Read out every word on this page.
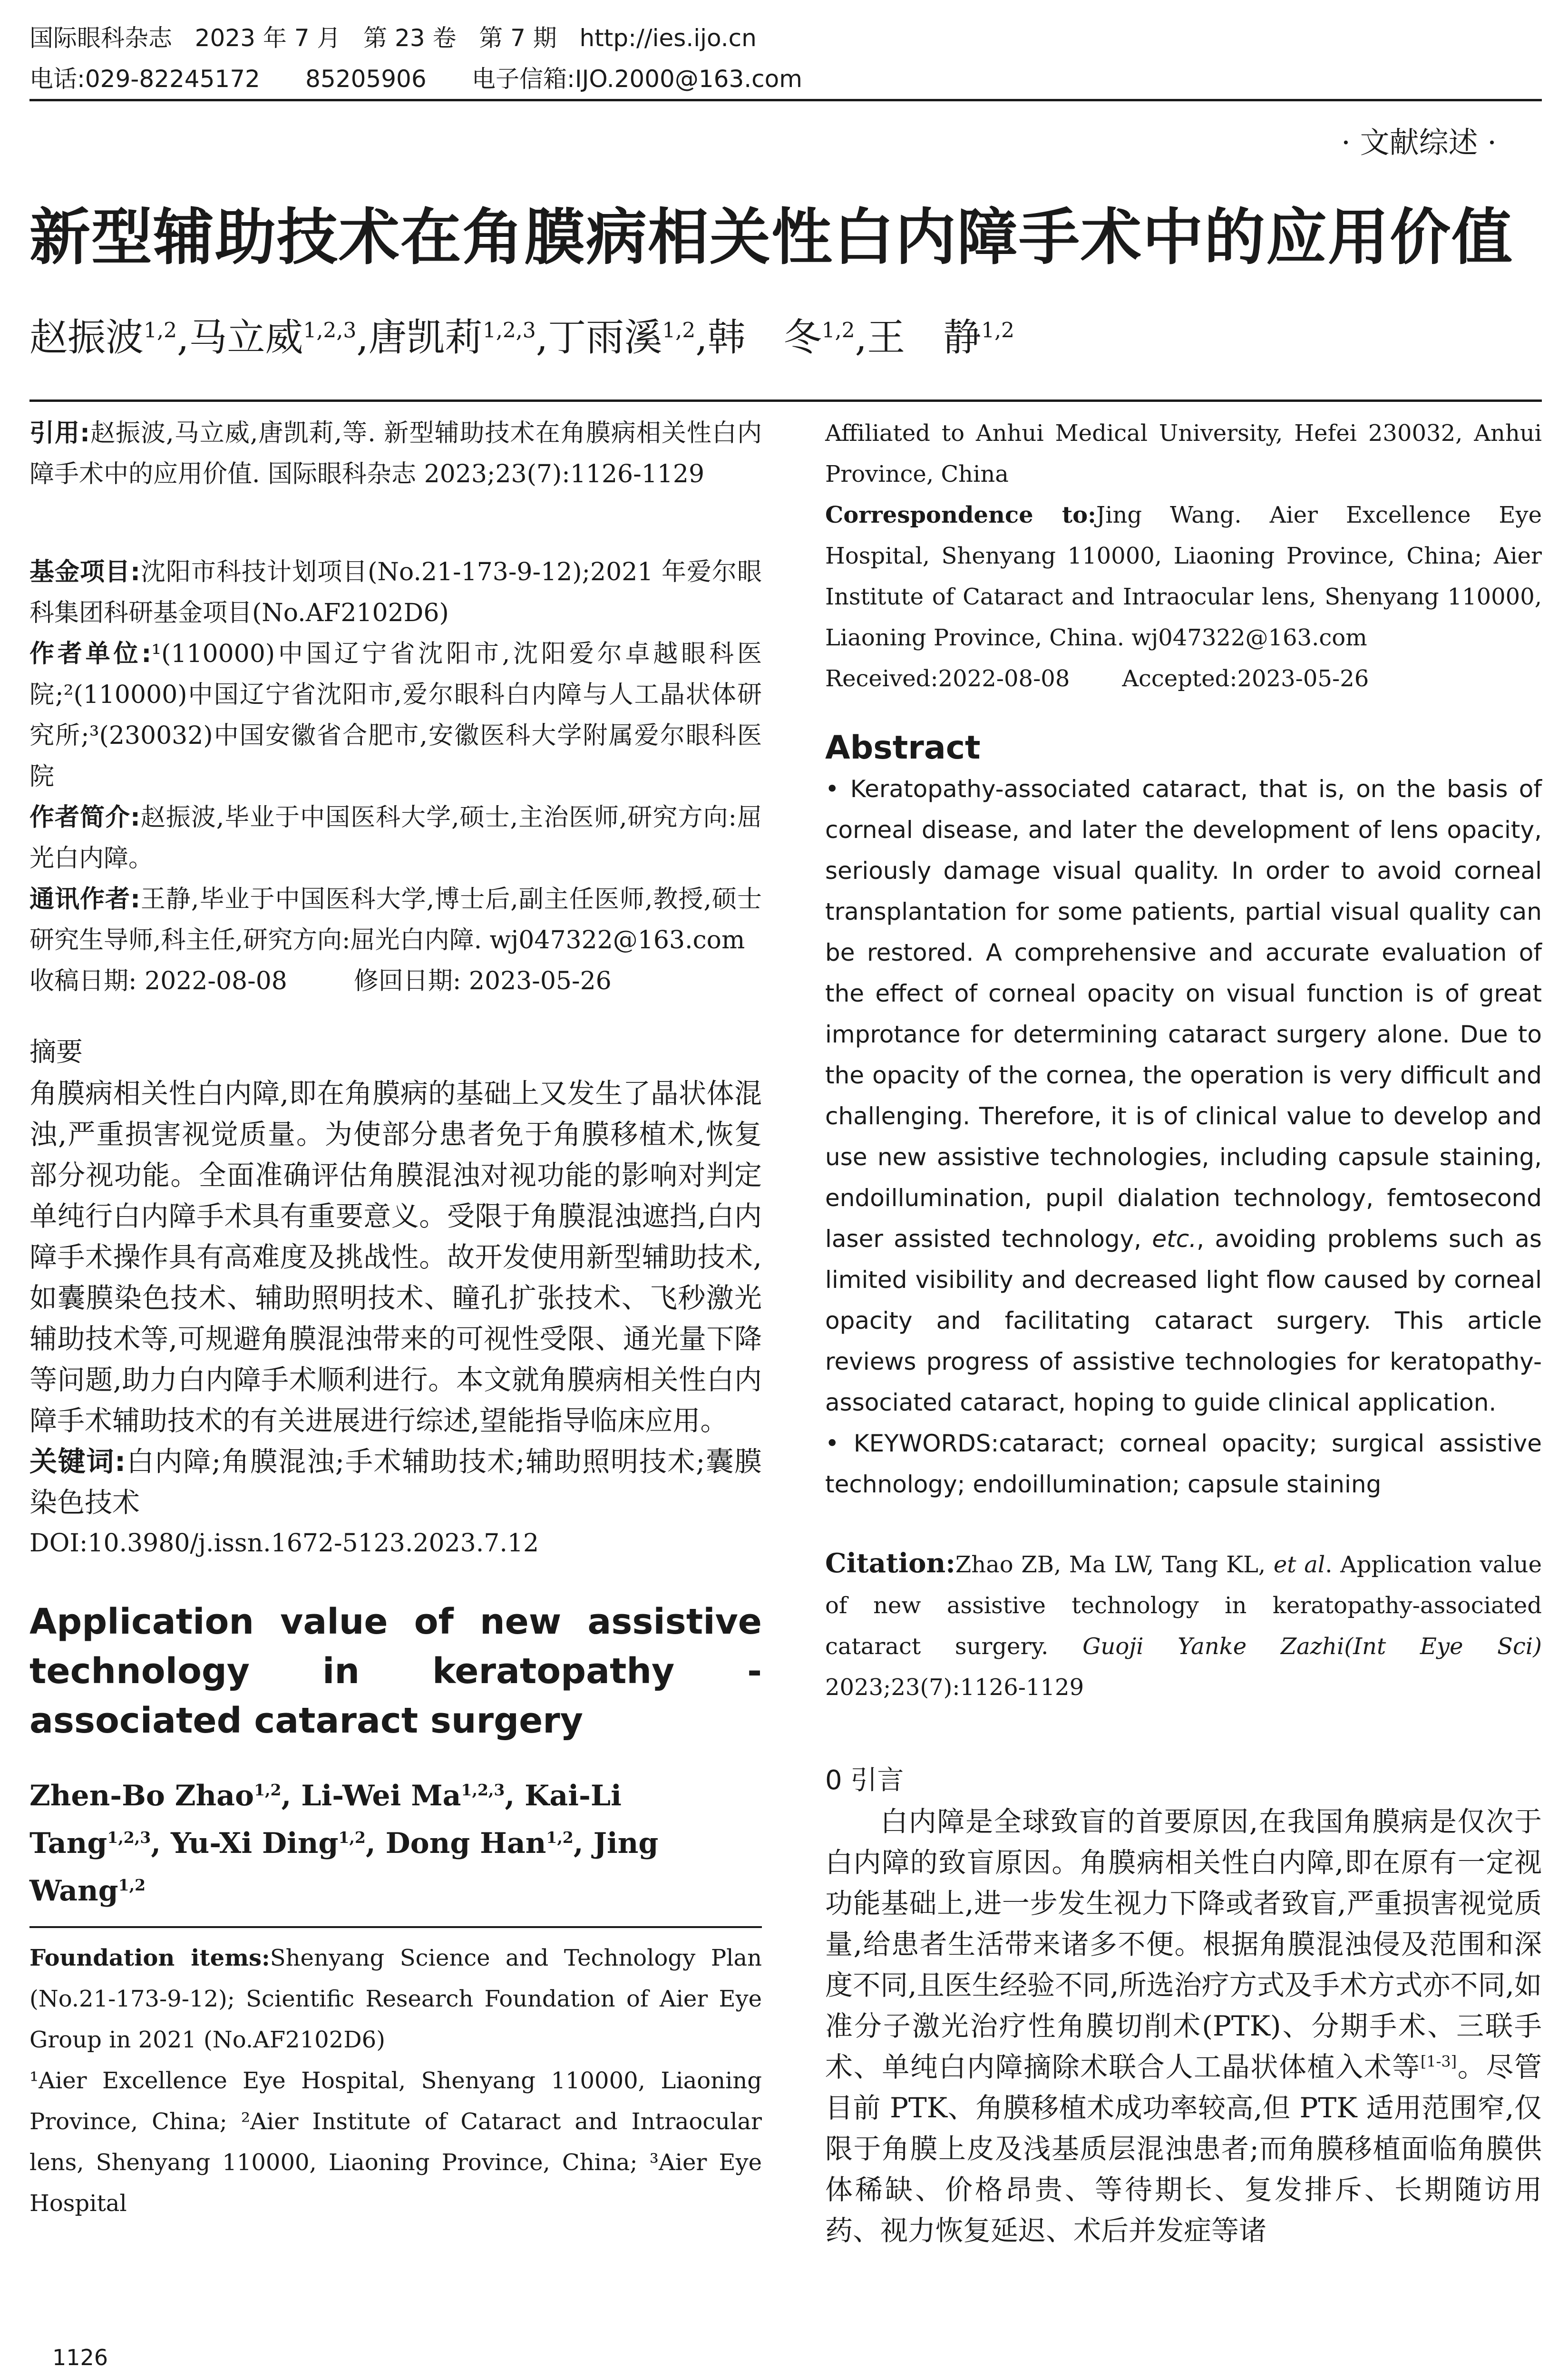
国际眼科杂志   2023 年 7 月   第 23 卷   第 7 期   http://ies.ijo.cn
电话:029-82245172      85205906      电子信箱:IJO.2000@163.com
· 文献综述 ·
新型辅助技术在角膜病相关性白内障手术中的应用价值
赵振波$^{1,2}$,马立威$^{1,2,3}$,唐凯莉$^{1,2,3}$,丁雨溪$^{1,2}$,韩　冬$^{1,2}$,王　静$^{1,2}$

引用:赵振波,马立威,唐凯莉,等. 新型辅助技术在角膜病相关性白内障手术中的应用价值. 国际眼科杂志 2023;23(7):1126-1129

基金项目:沈阳市科技计划项目(No.21-173-9-12);2021 年爱尔眼科集团科研基金项目(No.AF2102D6)

作者单位:¹(110000)中国辽宁省沈阳市,沈阳爱尔卓越眼科医院;²(110000)中国辽宁省沈阳市,爱尔眼科白内障与人工晶状体研究所;³(230032)中国安徽省合肥市,安徽医科大学附属爱尔眼科医院

作者简介:赵振波,毕业于中国医科大学,硕士,主治医师,研究方向:屈光白内障。

通讯作者:王静,毕业于中国医科大学,博士后,副主任医师,教授,硕士研究生导师,科主任,研究方向:屈光白内障. wj047322@163.com

收稿日期: 2022-08-08	修回日期: 2023-05-26

摘要

角膜病相关性白内障,即在角膜病的基础上又发生了晶状体混浊,严重损害视觉质量。为使部分患者免于角膜移植术,恢复部分视功能。全面准确评估角膜混浊对视功能的影响对判定单纯行白内障手术具有重要意义。受限于角膜混浊遮挡,白内障手术操作具有高难度及挑战性。故开发使用新型辅助技术,如囊膜染色技术、辅助照明技术、瞳孔扩张技术、飞秒激光辅助技术等,可规避角膜混浊带来的可视性受限、通光量下降等问题,助力白内障手术顺利进行。本文就角膜病相关性白内障手术辅助技术的有关进展进行综述,望能指导临床应用。

关键词:白内障;角膜混浊;手术辅助技术;辅助照明技术;囊膜染色技术

DOI:10.3980/j.issn.1672-5123.2023.7.12

Application value of new assistive technology in keratopathy - associated cataract surgery

Zhen-Bo Zhao$^{1,2}$, Li-Wei Ma$^{1,2,3}$, Kai-Li Tang$^{1,2,3}$, Yu-Xi Ding$^{1,2}$, Dong Han$^{1,2}$, Jing Wang$^{1,2}$

Foundation items:Shenyang Science and Technology Plan (No.21-173-9-12); Scientific Research Foundation of Aier Eye Group in 2021 (No.AF2102D6)

¹Aier Excellence Eye Hospital, Shenyang 110000, Liaoning Province, China; ²Aier Institute of Cataract and Intraocular lens, Shenyang 110000, Liaoning Province, China; ³Aier Eye Hospital

Affiliated to Anhui Medical University, Hefei 230032, Anhui Province, China

Correspondence to:Jing Wang. Aier Excellence Eye Hospital, Shenyang 110000, Liaoning Province, China; Aier Institute of Cataract and Intraocular lens, Shenyang 110000, Liaoning Province, China. wj047322@163.com

Received:2022-08-08 Accepted:2023-05-26

Abstract

• Keratopathy-associated cataract, that is, on the basis of corneal disease, and later the development of lens opacity, seriously damage visual quality. In order to avoid corneal transplantation for some patients, partial visual quality can be restored. A comprehensive and accurate evaluation of the effect of corneal opacity on visual function is of great improtance for determining cataract surgery alone. Due to the opacity of the cornea, the operation is very difficult and challenging. Therefore, it is of clinical value to develop and use new assistive technologies, including capsule staining, endoillumination, pupil dialation technology, femtosecond laser assisted technology, etc., avoiding problems such as limited visibility and decreased light flow caused by corneal opacity and facilitating cataract surgery. This article reviews progress of assistive technologies for keratopathy-associated cataract, hoping to guide clinical application.

• KEYWORDS:cataract; corneal opacity; surgical assistive technology; endoillumination; capsule staining

Citation:Zhao ZB, Ma LW, Tang KL, et al. Application value of new assistive technology in keratopathy-associated cataract surgery. Guoji Yanke Zazhi(Int Eye Sci) 2023;23(7):1126-1129

0 引言

白内障是全球致盲的首要原因,在我国角膜病是仅次于白内障的致盲原因。角膜病相关性白内障,即在原有一定视功能基础上,进一步发生视力下降或者致盲,严重损害视觉质量,给患者生活带来诸多不便。根据角膜混浊侵及范围和深度不同,且医生经验不同,所选治疗方式及手术方式亦不同,如准分子激光治疗性角膜切削术(PTK)、分期手术、三联手术、单纯白内障摘除术联合人工晶状体植入术等[1-3]。尽管目前 PTK、角膜移植术成功率较高,但 PTK 适用范围窄,仅限于角膜上皮及浅基质层混浊患者;而角膜移植面临角膜供体稀缺、价格昂贵、等待期长、复发排斥、长期随访用药、视力恢复延迟、术后并发症等诸

1126
